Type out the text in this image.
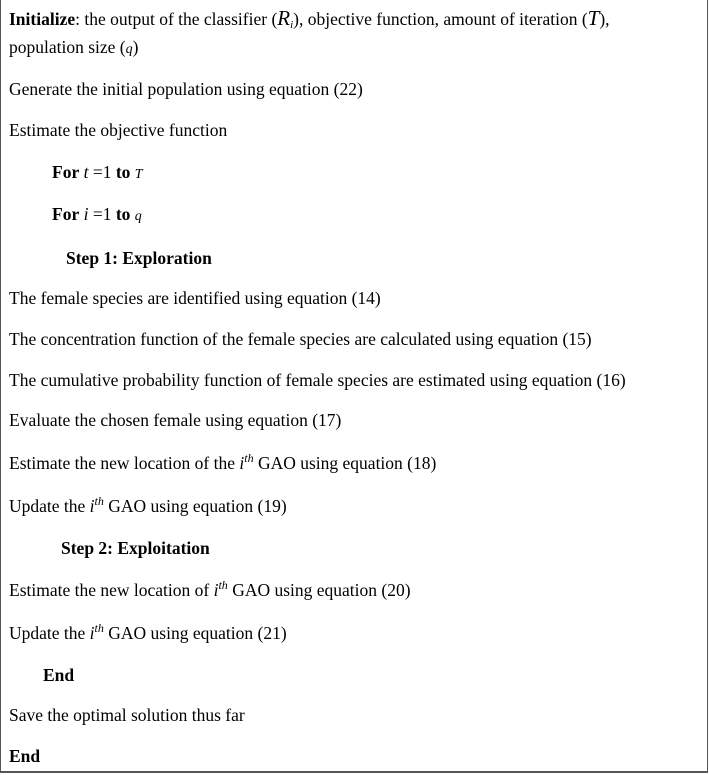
Initialize: the output of the classifier $(R_i)$, objective function, amount of iteration (T),
population size (q)
Generate the initial population using equation (22)
Estimate the objective function
For t =1 to T
For i =1 to q
Step 1: Exploration
The female species are identified using equation (14)
The concentration function of the female species are calculated using equation (15)
The cumulative probability function of female species are estimated using equation (16)
Evaluate the chosen female using equation (17)
Estimate the new location of the $i^{th}$ GAO using equation (18)
Update the $i^{th}$ GAO using equation (19)
Step 2: Exploitation
Estimate the new location of $i^{th}$ GAO using equation (20)
Update the $i^{th}$ GAO using equation (21)
End
Save the optimal solution thus far
End
